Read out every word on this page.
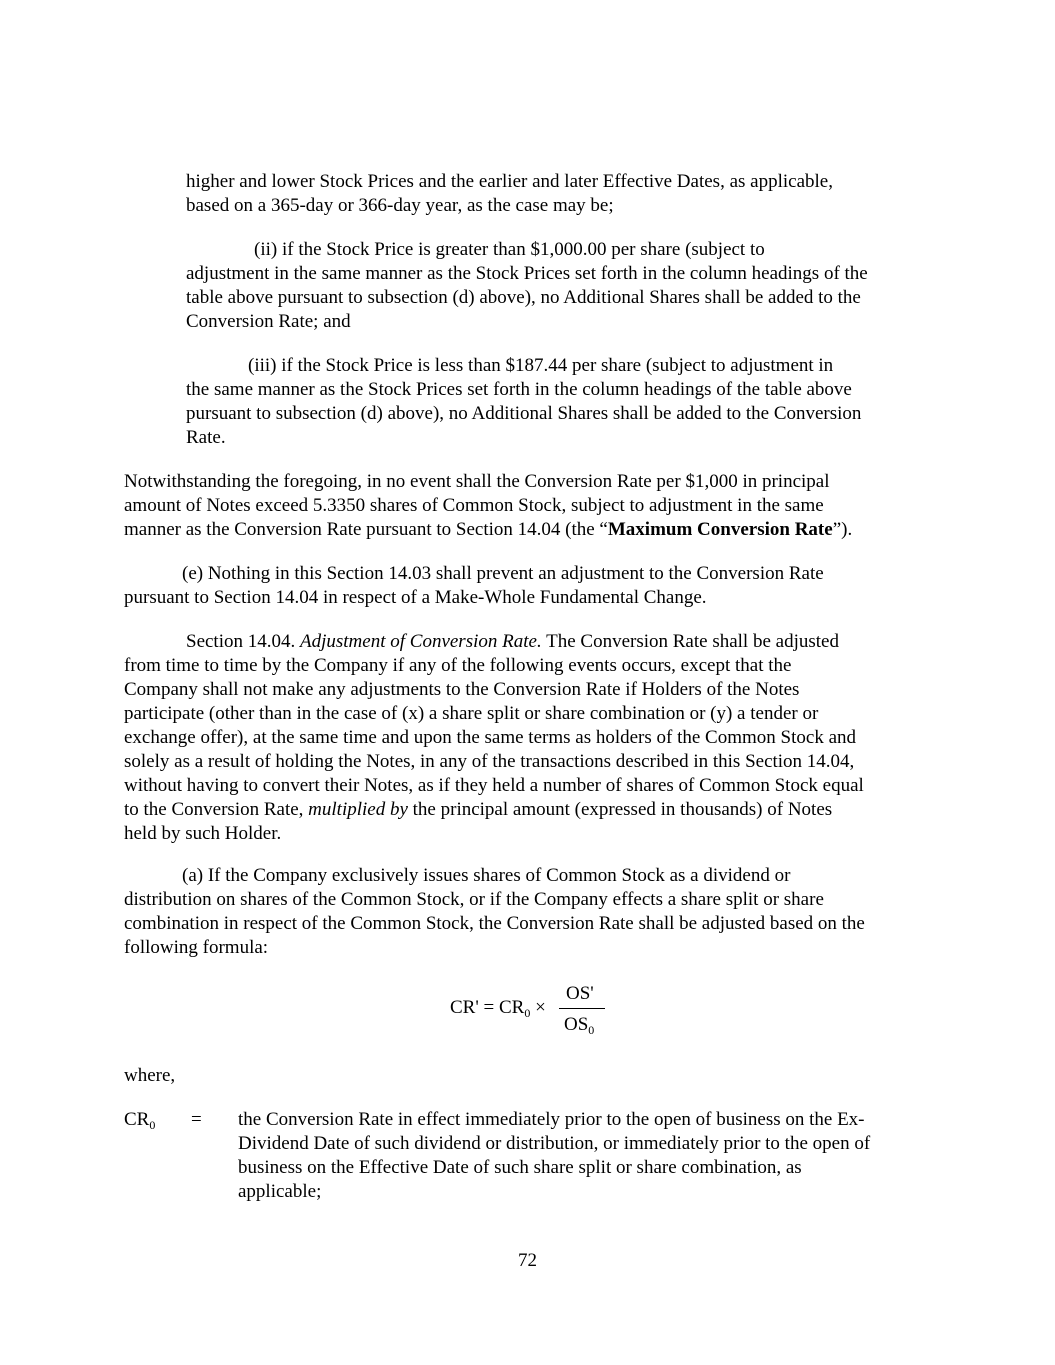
higher and lower Stock Prices and the earlier and later Effective Dates, as applicable,
based on a 365-day or 366-day year, as the case may be;
(ii) if the Stock Price is greater than $1,000.00 per share (subject to
adjustment in the same manner as the Stock Prices set forth in the column headings of the
table above pursuant to subsection (d) above), no Additional Shares shall be added to the
Conversion Rate; and
(iii) if the Stock Price is less than $187.44 per share (subject to adjustment in
the same manner as the Stock Prices set forth in the column headings of the table above
pursuant to subsection (d) above), no Additional Shares shall be added to the Conversion
Rate.
Notwithstanding the foregoing, in no event shall the Conversion Rate per $1,000 in principal
amount of Notes exceed 5.3350 shares of Common Stock, subject to adjustment in the same
manner as the Conversion Rate pursuant to Section 14.04 (the “Maximum Conversion Rate”).
(e) Nothing in this Section 14.03 shall prevent an adjustment to the Conversion Rate
pursuant to Section 14.04 in respect of a Make-Whole Fundamental Change.
Section 14.04. Adjustment of Conversion Rate. The Conversion Rate shall be adjusted
from time to time by the Company if any of the following events occurs, except that the
Company shall not make any adjustments to the Conversion Rate if Holders of the Notes
participate (other than in the case of (x) a share split or share combination or (y) a tender or
exchange offer), at the same time and upon the same terms as holders of the Common Stock and
solely as a result of holding the Notes, in any of the transactions described in this Section 14.04,
without having to convert their Notes, as if they held a number of shares of Common Stock equal
to the Conversion Rate, multiplied by the principal amount (expressed in thousands) of Notes
held by such Holder.
(a) If the Company exclusively issues shares of Common Stock as a dividend or
distribution on shares of the Common Stock, or if the Company effects a share split or share
combination in respect of the Common Stock, the Conversion Rate shall be adjusted based on the
following formula:
$CR' = CR_0$ ×
OS'
$OS_0$
where,
$CR_0$	= the Conversion Rate in effect immediately prior to the open of business on the Ex-
Dividend Date of such dividend or distribution, or immediately prior to the open of
business on the Effective Date of such share split or share combination, as
applicable;
72
